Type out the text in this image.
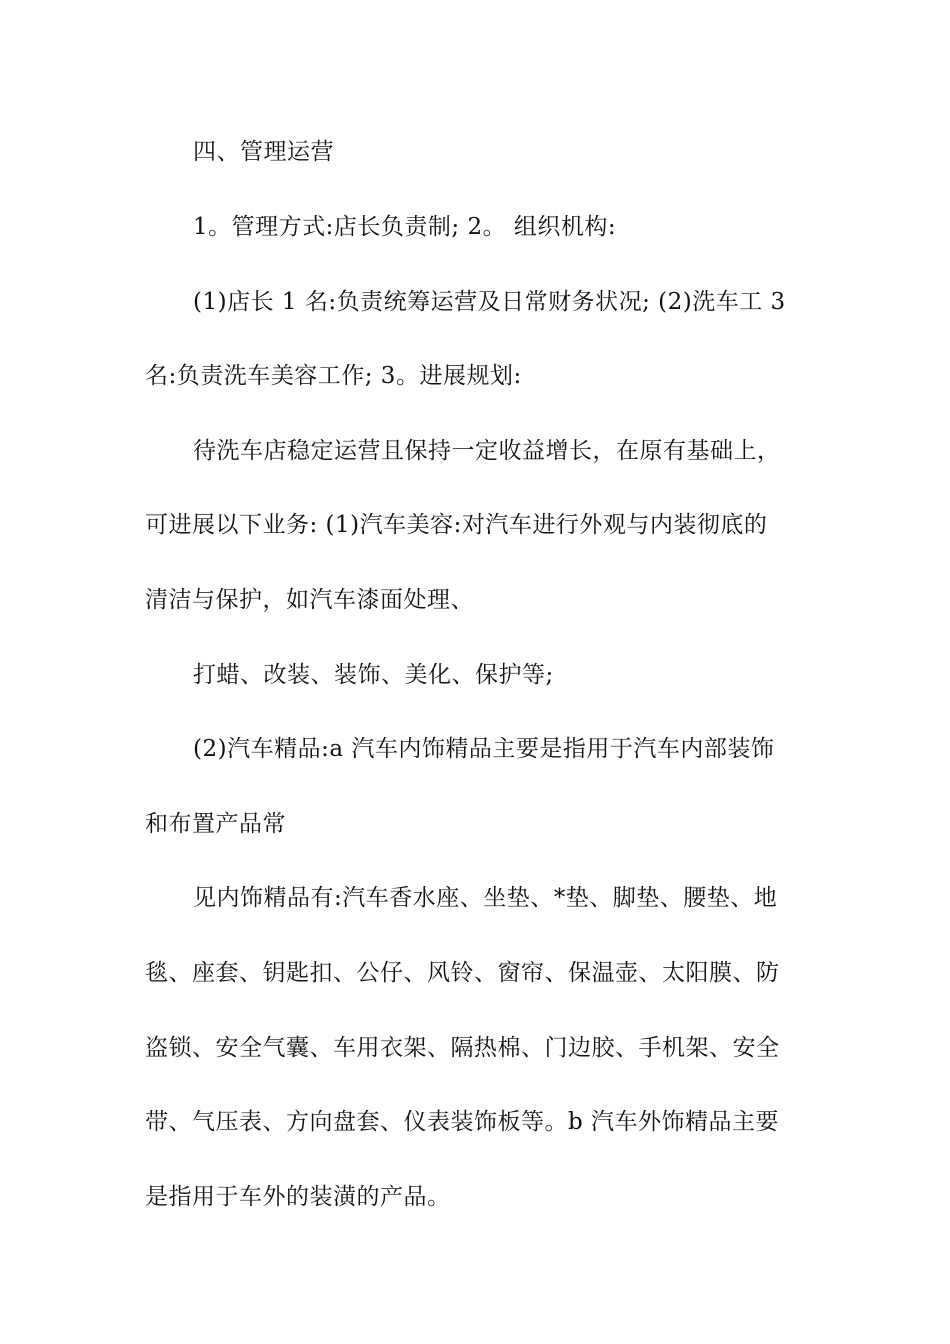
四、管理运营
1。管理方式:店长负责制; 2。 组织机构:
(1)店长 1 名:负责统筹运营及日常财务状况; (2)洗车工 3
名:负责洗车美容工作; 3。进展规划:
待洗车店稳定运营且保持一定收益增长，在原有基础上，
可进展以下业务: (1)汽车美容:对汽车进行外观与内装彻底的
清洁与保护，如汽车漆面处理、
打蜡、改装、装饰、美化、保护等;
(2)汽车精品:a 汽车内饰精品主要是指用于汽车内部装饰
和布置产品常
见内饰精品有:汽车香水座、坐垫、*垫、脚垫、腰垫、地
毯、座套、钥匙扣、公仔、风铃、窗帘、保温壶、太阳膜、防
盗锁、安全气囊、车用衣架、隔热棉、门边胶、手机架、安全
带、气压表、方向盘套、仪表装饰板等。b 汽车外饰精品主要
是指用于车外的装潢的产品。
